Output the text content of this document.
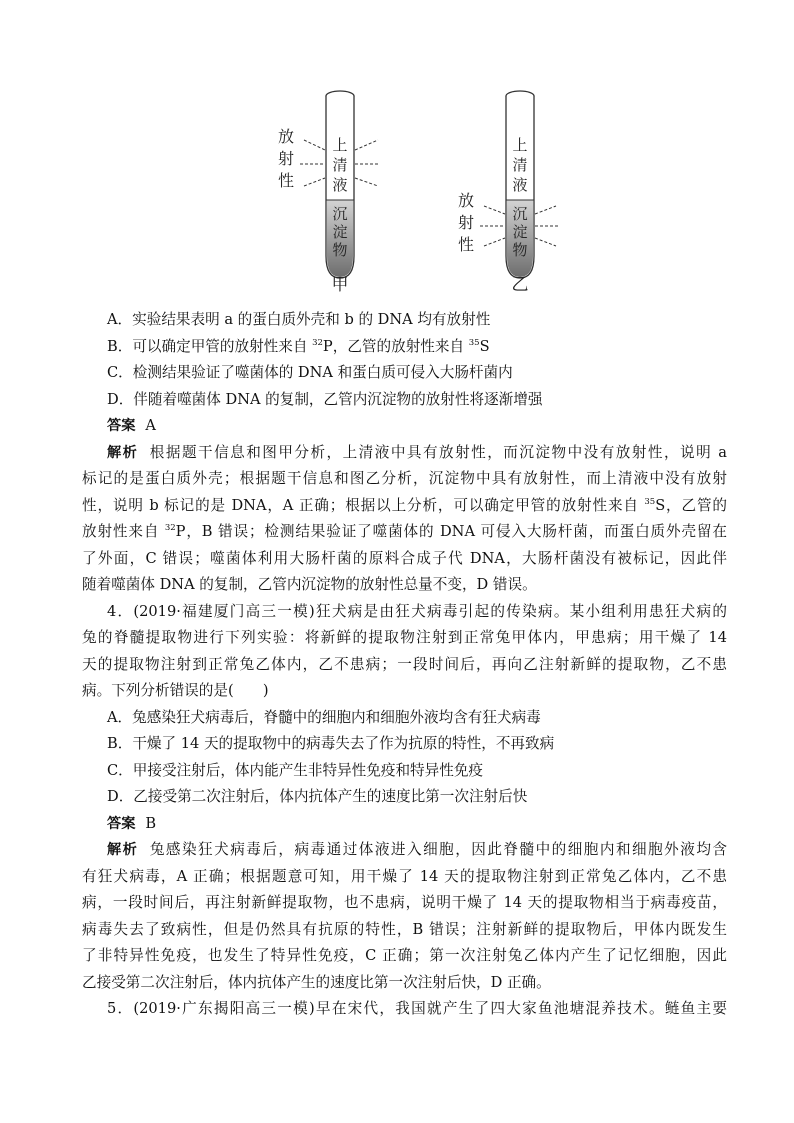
上
清
液
沉
淀
物
放
射
性
甲
上
清
液
沉
淀
物
放
射
性
乙
A．实验结果表明 a 的蛋白质外壳和 b 的 DNA 均有放射性
B．可以确定甲管的放射性来自 $^{32}$P，乙管的放射性来自 $^{35}$S
C．检测结果验证了噬菌体的 DNA 和蛋白质可侵入大肠杆菌内
D．伴随着噬菌体 DNA 的复制，乙管内沉淀物的放射性将逐渐增强
答案 A
解析 根据题干信息和图甲分析，上清液中具有放射性，而沉淀物中没有放射性，说明 a
标记的是蛋白质外壳；根据题干信息和图乙分析，沉淀物中具有放射性，而上清液中没有放射
性，说明 b 标记的是 DNA，A 正确；根据以上分析，可以确定甲管的放射性来自 $^{35}$S，乙管的
放射性来自 $^{32}$P，B 错误；检测结果验证了噬菌体的 DNA 可侵入大肠杆菌，而蛋白质外壳留在
了外面，C 错误；噬菌体利用大肠杆菌的原料合成子代 DNA，大肠杆菌没有被标记，因此伴
随着噬菌体 DNA 的复制，乙管内沉淀物的放射性总量不变，D 错误。
4．(2019·福建厦门高三一模)狂犬病是由狂犬病毒引起的传染病。某小组利用患狂犬病的
兔的脊髓提取物进行下列实验：将新鲜的提取物注射到正常兔甲体内，甲患病；用干燥了 14
天的提取物注射到正常兔乙体内，乙不患病；一段时间后，再向乙注射新鲜的提取物，乙不患
病。下列分析错误的是(　　)
A．兔感染狂犬病毒后，脊髓中的细胞内和细胞外液均含有狂犬病毒
B．干燥了 14 天的提取物中的病毒失去了作为抗原的特性，不再致病
C．甲接受注射后，体内能产生非特异性免疫和特异性免疫
D．乙接受第二次注射后，体内抗体产生的速度比第一次注射后快
答案 B
解析 兔感染狂犬病毒后，病毒通过体液进入细胞，因此脊髓中的细胞内和细胞外液均含
有狂犬病毒，A 正确；根据题意可知，用干燥了 14 天的提取物注射到正常兔乙体内，乙不患
病，一段时间后，再注射新鲜提取物，也不患病，说明干燥了 14 天的提取物相当于病毒疫苗，
病毒失去了致病性，但是仍然具有抗原的特性，B 错误；注射新鲜的提取物后，甲体内既发生
了非特异性免疫，也发生了特异性免疫，C 正确；第一次注射兔乙体内产生了记忆细胞，因此
乙接受第二次注射后，体内抗体产生的速度比第一次注射后快，D 正确。
5．(2019·广东揭阳高三一模)早在宋代，我国就产生了四大家鱼池塘混养技术。鲢鱼主要
